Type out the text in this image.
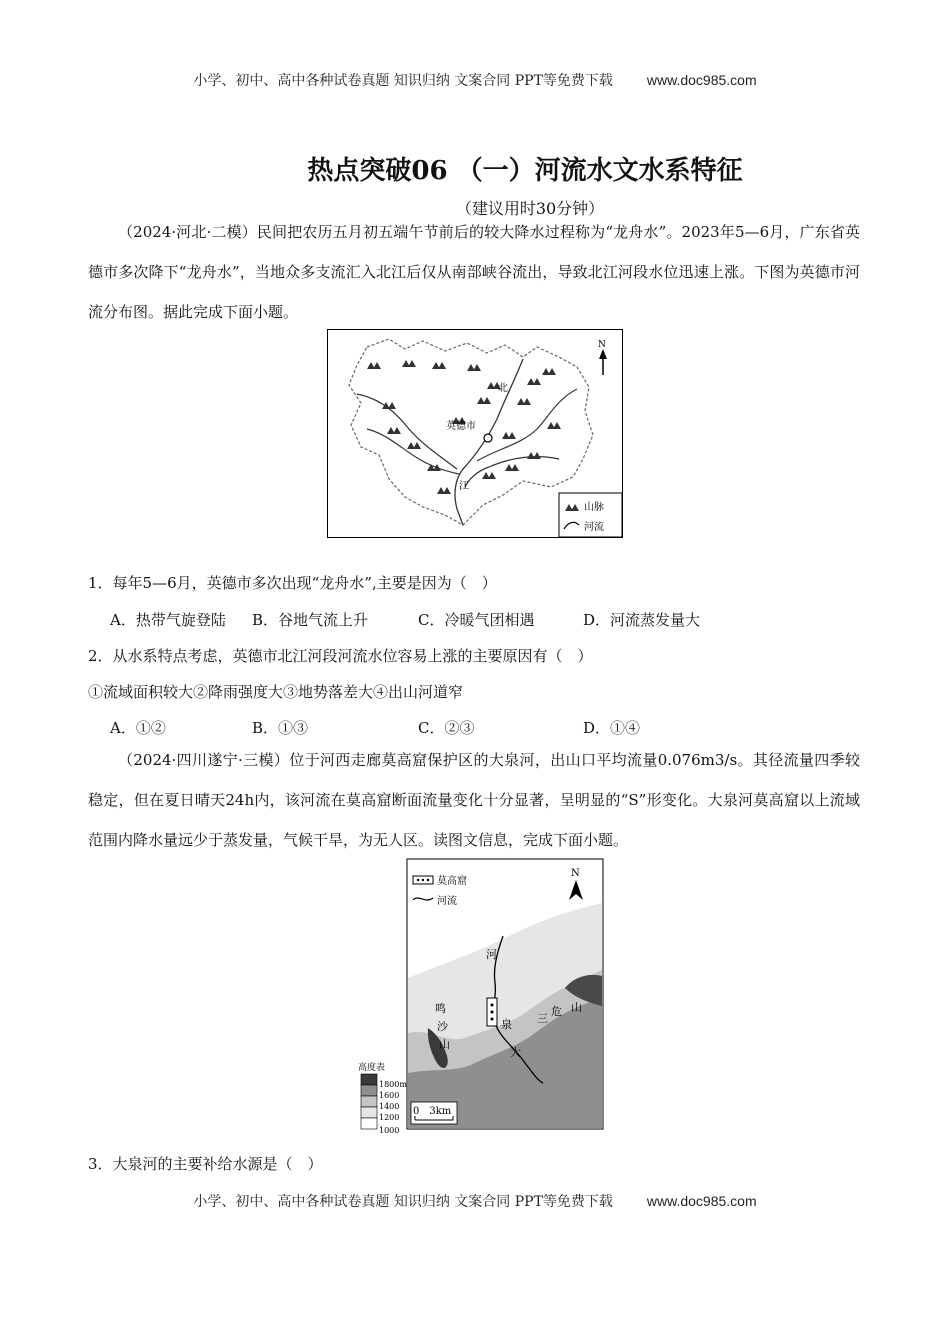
小学、初中、高中各种试卷真题 知识归纳 文案合同 PPT等免费下载 www.doc985.com
热点突破06 （一）河流水文水系特征
（建议用时30分钟）
（2024·河北·二模）民间把农历五月初五端午节前后的较大降水过程称为“龙舟水”。2023年5—6月，广东省英德市多次降下“龙舟水”，当地众多支流汇入北江后仅从南部峡谷流出，导致北江河段水位迅速上涨。下图为英德市河流分布图。据此完成下面小题。
N
英德市
北
江
山脉
河流
1．每年5—6月，英德市多次出现“龙舟水”,主要是因为（　）
A．热带气旋登陆 B．谷地气流上升	C．冷暖气团相遇	D．河流蒸发量大
2．从水系特点考虑，英德市北江河段河流水位容易上涨的主要原因有（　）
①流域面积较大②降雨强度大③地势落差大④出山河道窄
A．①②	B．①③	C．②③	D．①④
（2024·四川遂宁·三模）位于河西走廊莫高窟保护区的大泉河，出山口平均流量0.076m3/s。其径流量四季较稳定，但在夏日晴天24h内，该河流在莫高窟断面流量变化十分显著，呈明显的“S”形变化。大泉河莫高窟以上流域范围内降水量远少于蒸发量，气候干旱，为无人区。读图文信息，完成下面小题。
河
鸣
沙
山
泉
大
三
危 山
莫高窟
河流
N
高度表
1800m
1600
1400
1200
1000
0　3km
3．大泉河的主要补给水源是（　）
小学、初中、高中各种试卷真题 知识归纳 文案合同 PPT等免费下载 www.doc985.com
